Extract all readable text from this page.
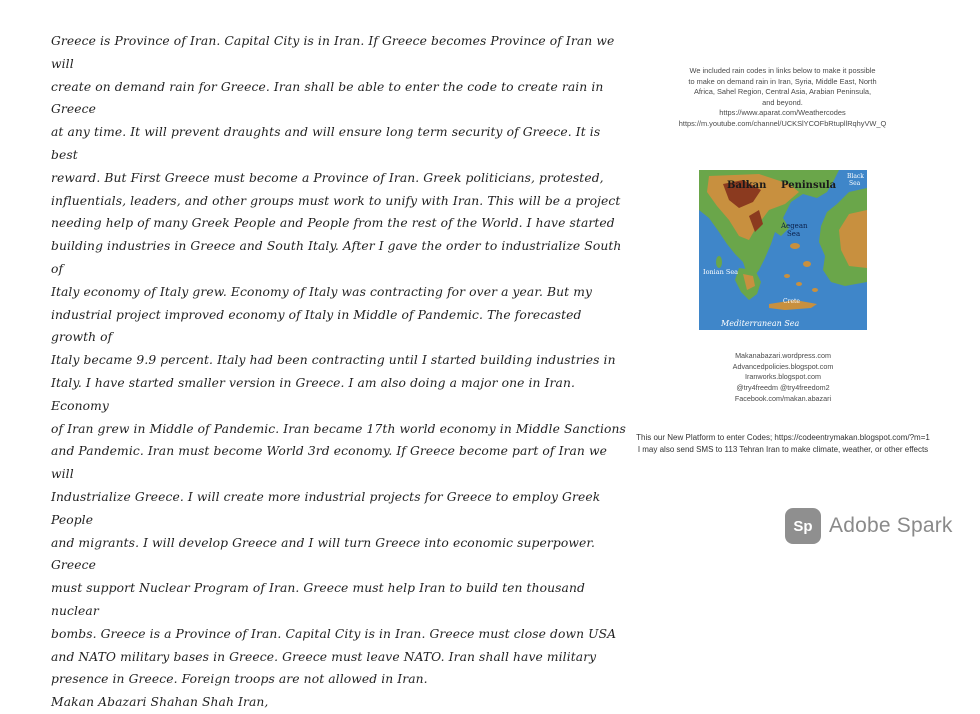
Greece is Province of Iran. Capital City is in Iran. If Greece becomes Province of Iran we will

create on demand rain for Greece. Iran shall be able to enter the code to create rain in Greece

at any time. It will prevent draughts and will ensure long term security of Greece. It is best

reward. But First Greece must become a Province of Iran. Greek politicians, protested,

influentials, leaders, and other groups must work to unify with Iran. This will be a project

needing help of many Greek People and People from the rest of the World. I have started

building industries in Greece and South Italy. After I gave the order to industrialize South of

Italy economy of Italy grew. Economy of Italy was contracting for over a year. But my

industrial project improved economy of Italy in Middle of Pandemic. The forecasted growth of

Italy became 9.9 percent. Italy had been contracting until I started building industries in

Italy. I have started smaller version in Greece. I am also doing a major one in Iran. Economy

of Iran grew in Middle of Pandemic. Iran became 17th world economy in Middle Sanctions

and Pandemic. Iran must become World 3rd economy. If Greece become part of Iran we will

Industrialize Greece. I will create more industrial projects for Greece to employ Greek People

and migrants. I will develop Greece and I will turn Greece into economic superpower. Greece

must support Nuclear Program of Iran. Greece must help Iran to build ten thousand nuclear

bombs. Greece is a Province of Iran. Capital City is in Iran. Greece must close down USA

and NATO military bases in Greece. Greece must leave NATO. Iran shall have military

presence in Greece. Foreign troops are not allowed in Iran.

Makan Abazari Shahan Shah Iran,

We included rain codes in links below to make it possible
to make on demand rain in Iran, Syria, Middle East, North
Africa, Sahel Region, Central Asia, Arabian Peninsula,
and beyond.
https://www.aparat.com/Weathercodes
https://m.youtube.com/channel/UCKSlYCOFbRtupllRqhyVW_Q
Balkan Peninsula
Black
Sea
Aegean
Sea
Ionian Sea
Crete
Mediterranean Sea
Makanabazari.wordpress.com
Advancedpolicies.blogspot.com
Iranworks.blogspot.com
@try4freedm @try4freedom2
Facebook.com/makan.abazari
This our New Platform to enter Codes; https://codeentrymakan.blogspot.com/?m=1
I may also send SMS to 113 Tehran Iran to make climate, weather, or other effects
Sp Adobe Spark
